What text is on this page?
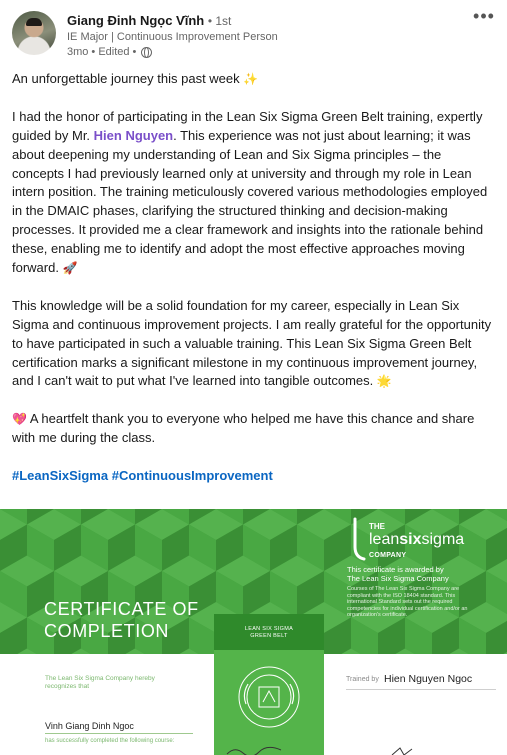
Giang Đinh Ngọc Vĩnh • 1st
IE Major | Continuous Improvement Person
3mo • Edited •
•••

An unforgettable journey this past week ✨

I had the honor of participating in the Lean Six Sigma Green Belt training, expertly guided by Mr. Hien Nguyen. This experience was not just about learning; it was about deepening my understanding of Lean and Six Sigma principles – the concepts I had previously learned only at university and through my role in Lean intern position. The training meticulously covered various methodologies employed in the DMAIC phases, clarifying the structured thinking and decision-making processes. It provided me a clear framework and insights into the rationale behind these, enabling me to identify and adopt the most effective approaches moving forward. 🚀

This knowledge will be a solid foundation for my career, especially in Lean Six Sigma and continuous improvement projects. I am really grateful for the opportunity to have participated in such a valuable training. This Lean Six Sigma Green Belt certification marks a significant milestone in my continuous improvement journey, and I can't wait to put what I've learned into tangible outcomes. 🌟

💖 A heartfelt thank you to everyone who helped me have this chance and share with me during the class.

#LeanSixSigma #ContinuousImprovement

CERTIFICATE OF
COMPLETION
THE
leansixsigma
COMPANY
This certificate is awarded by
The Lean Six Sigma Company
Courses of The Lean Six Sigma Company are compliant with the ISO 18404 standard. This international Standard sets out the required competencies for individual certification and/or an organization's certificate.
LEAN SIX SIGMA
GREEN BELT
The Lean Six Sigma Company hereby recognizes that
Vinh Giang Dinh Ngoc
has successfully completed the following course:
Trained by Hien Nguyen Ngoc
